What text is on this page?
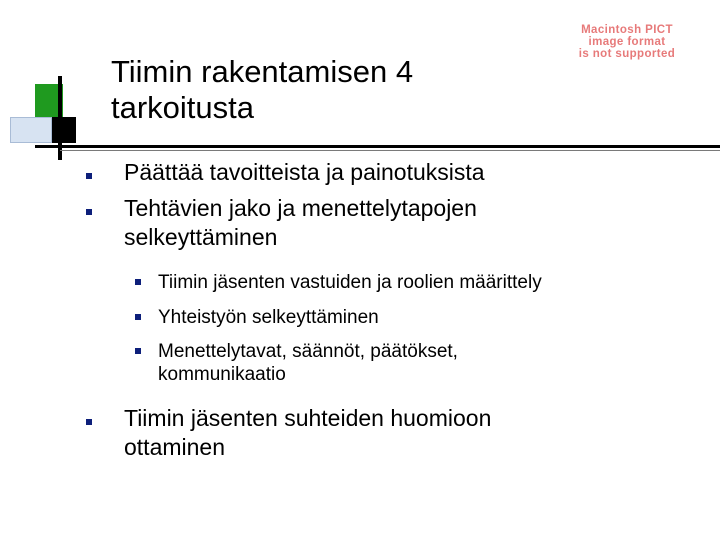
Macintosh PICT
image format
is not supported
Tiimin rakentamisen 4
tarkoitusta
Päättää tavoitteista ja painotuksista
Tehtävien jako ja menettelytapojen
selkeyttäminen
Tiimin jäsenten vastuiden ja roolien määrittely
Yhteistyön selkeyttäminen
Menettelytavat, säännöt, päätökset,
kommunikaatio
Tiimin jäsenten suhteiden huomioon
ottaminen
